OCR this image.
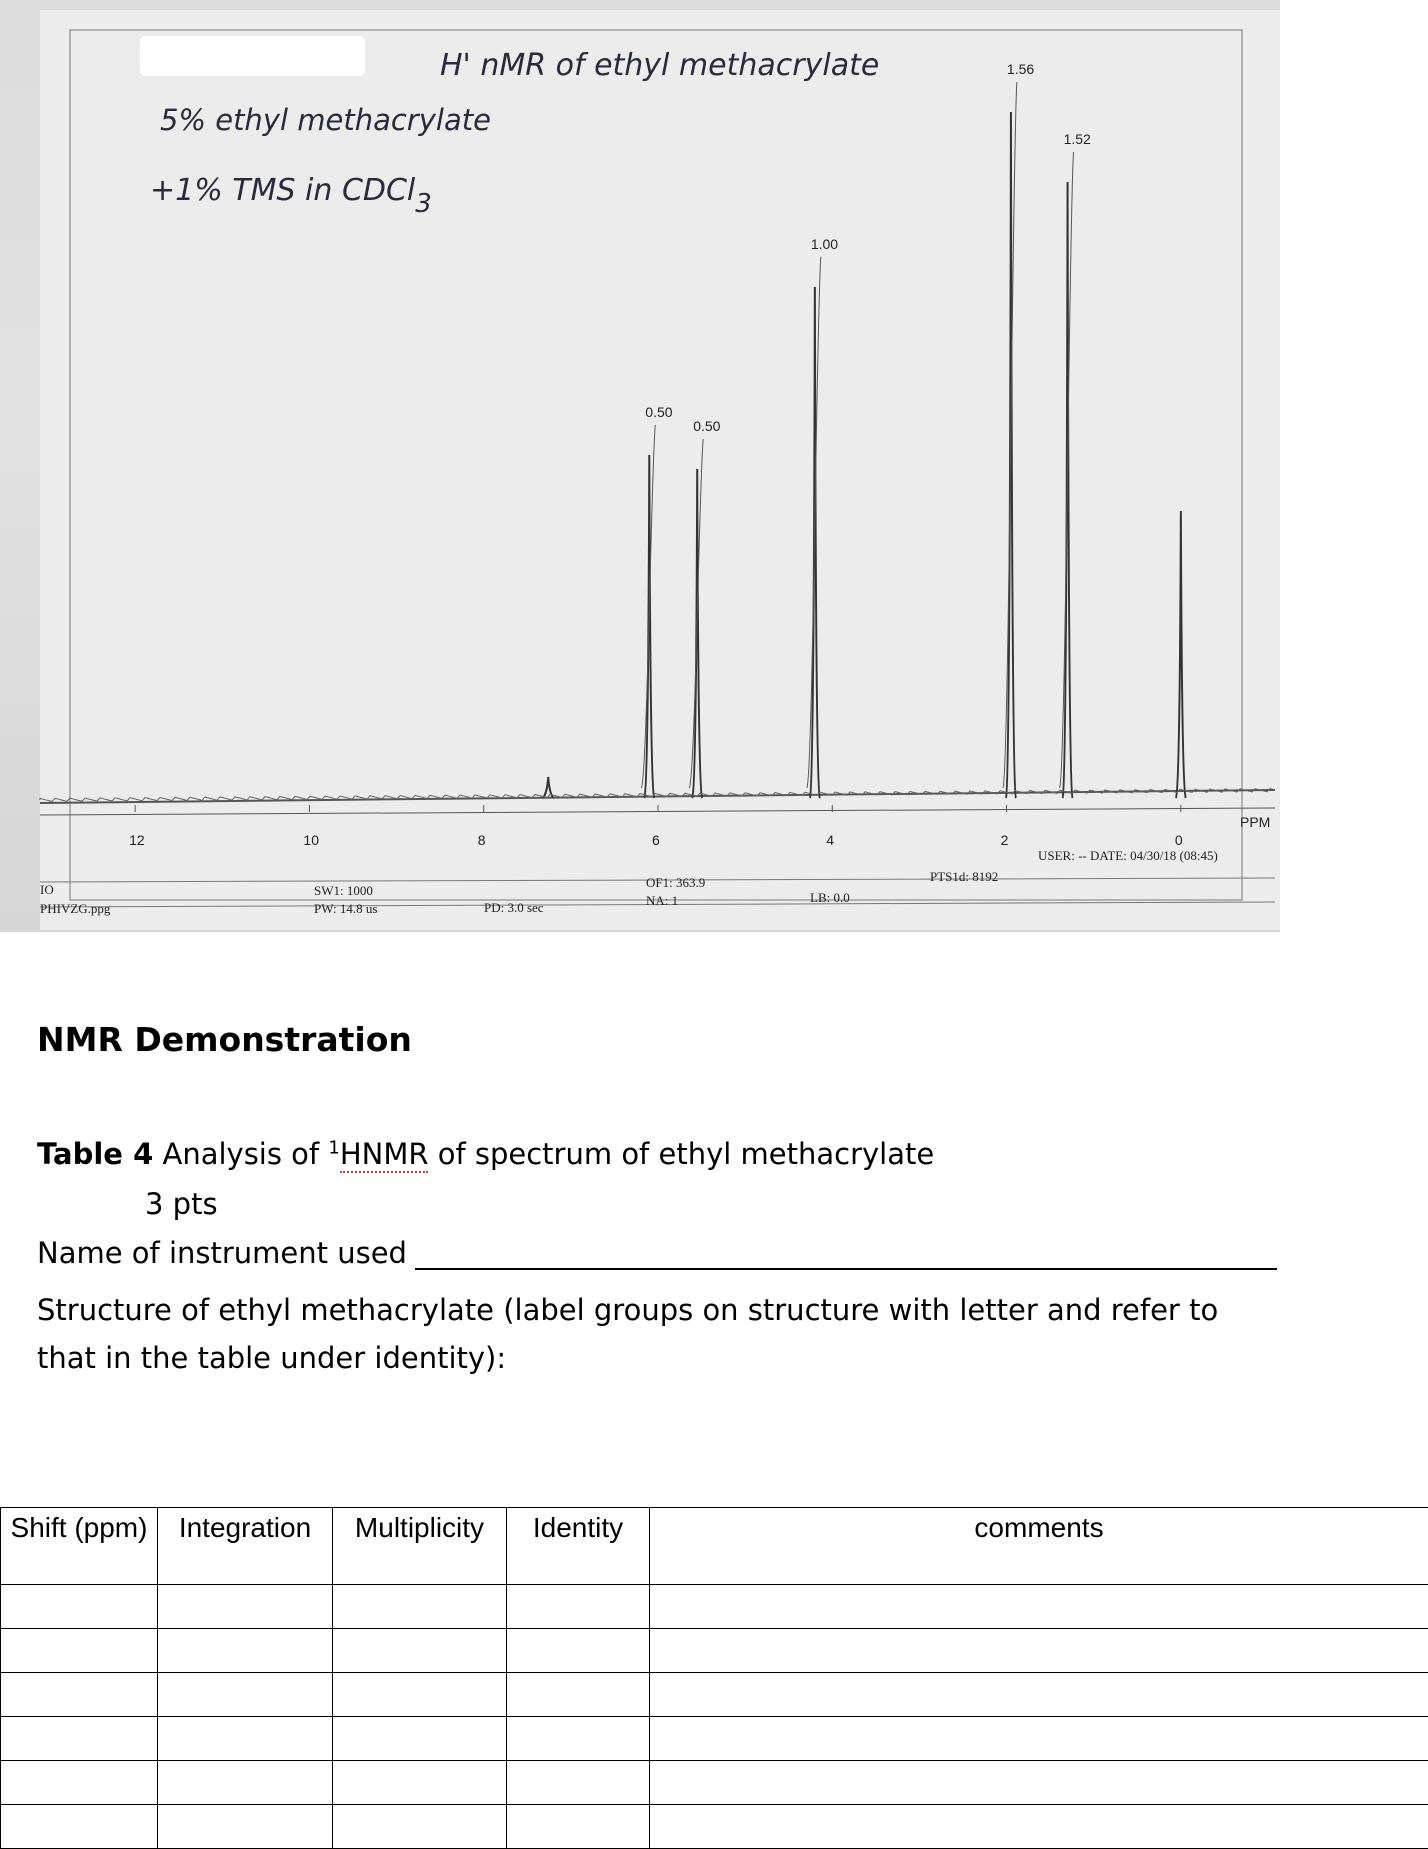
H' nMR of ethyl methacrylate
5% ethyl methacrylate
+1% TMS in CDCl3
12	10	8	6	4	2	0
PPM
0.50
0.50
1.00
1.56
1.52
USER: -- DATE: 04/30/18 (08:45)
IO
PHIVZG.ppg
SW1: 1000
PW: 14.8 us	PD: 3.0 sec
OF1: 363.9
NA: 1	LB: 0.0
PTS1d: 8192
NMR Demonstration
Table 4 Analysis of $^1$HNMR of spectrum of ethyl methacrylate
3 pts
Name of instrument used
Structure of ethyl methacrylate (label groups on structure with letter and refer to that in the table under identity):
Shift (ppm)	Integration	Multiplicity	Identity	comments
